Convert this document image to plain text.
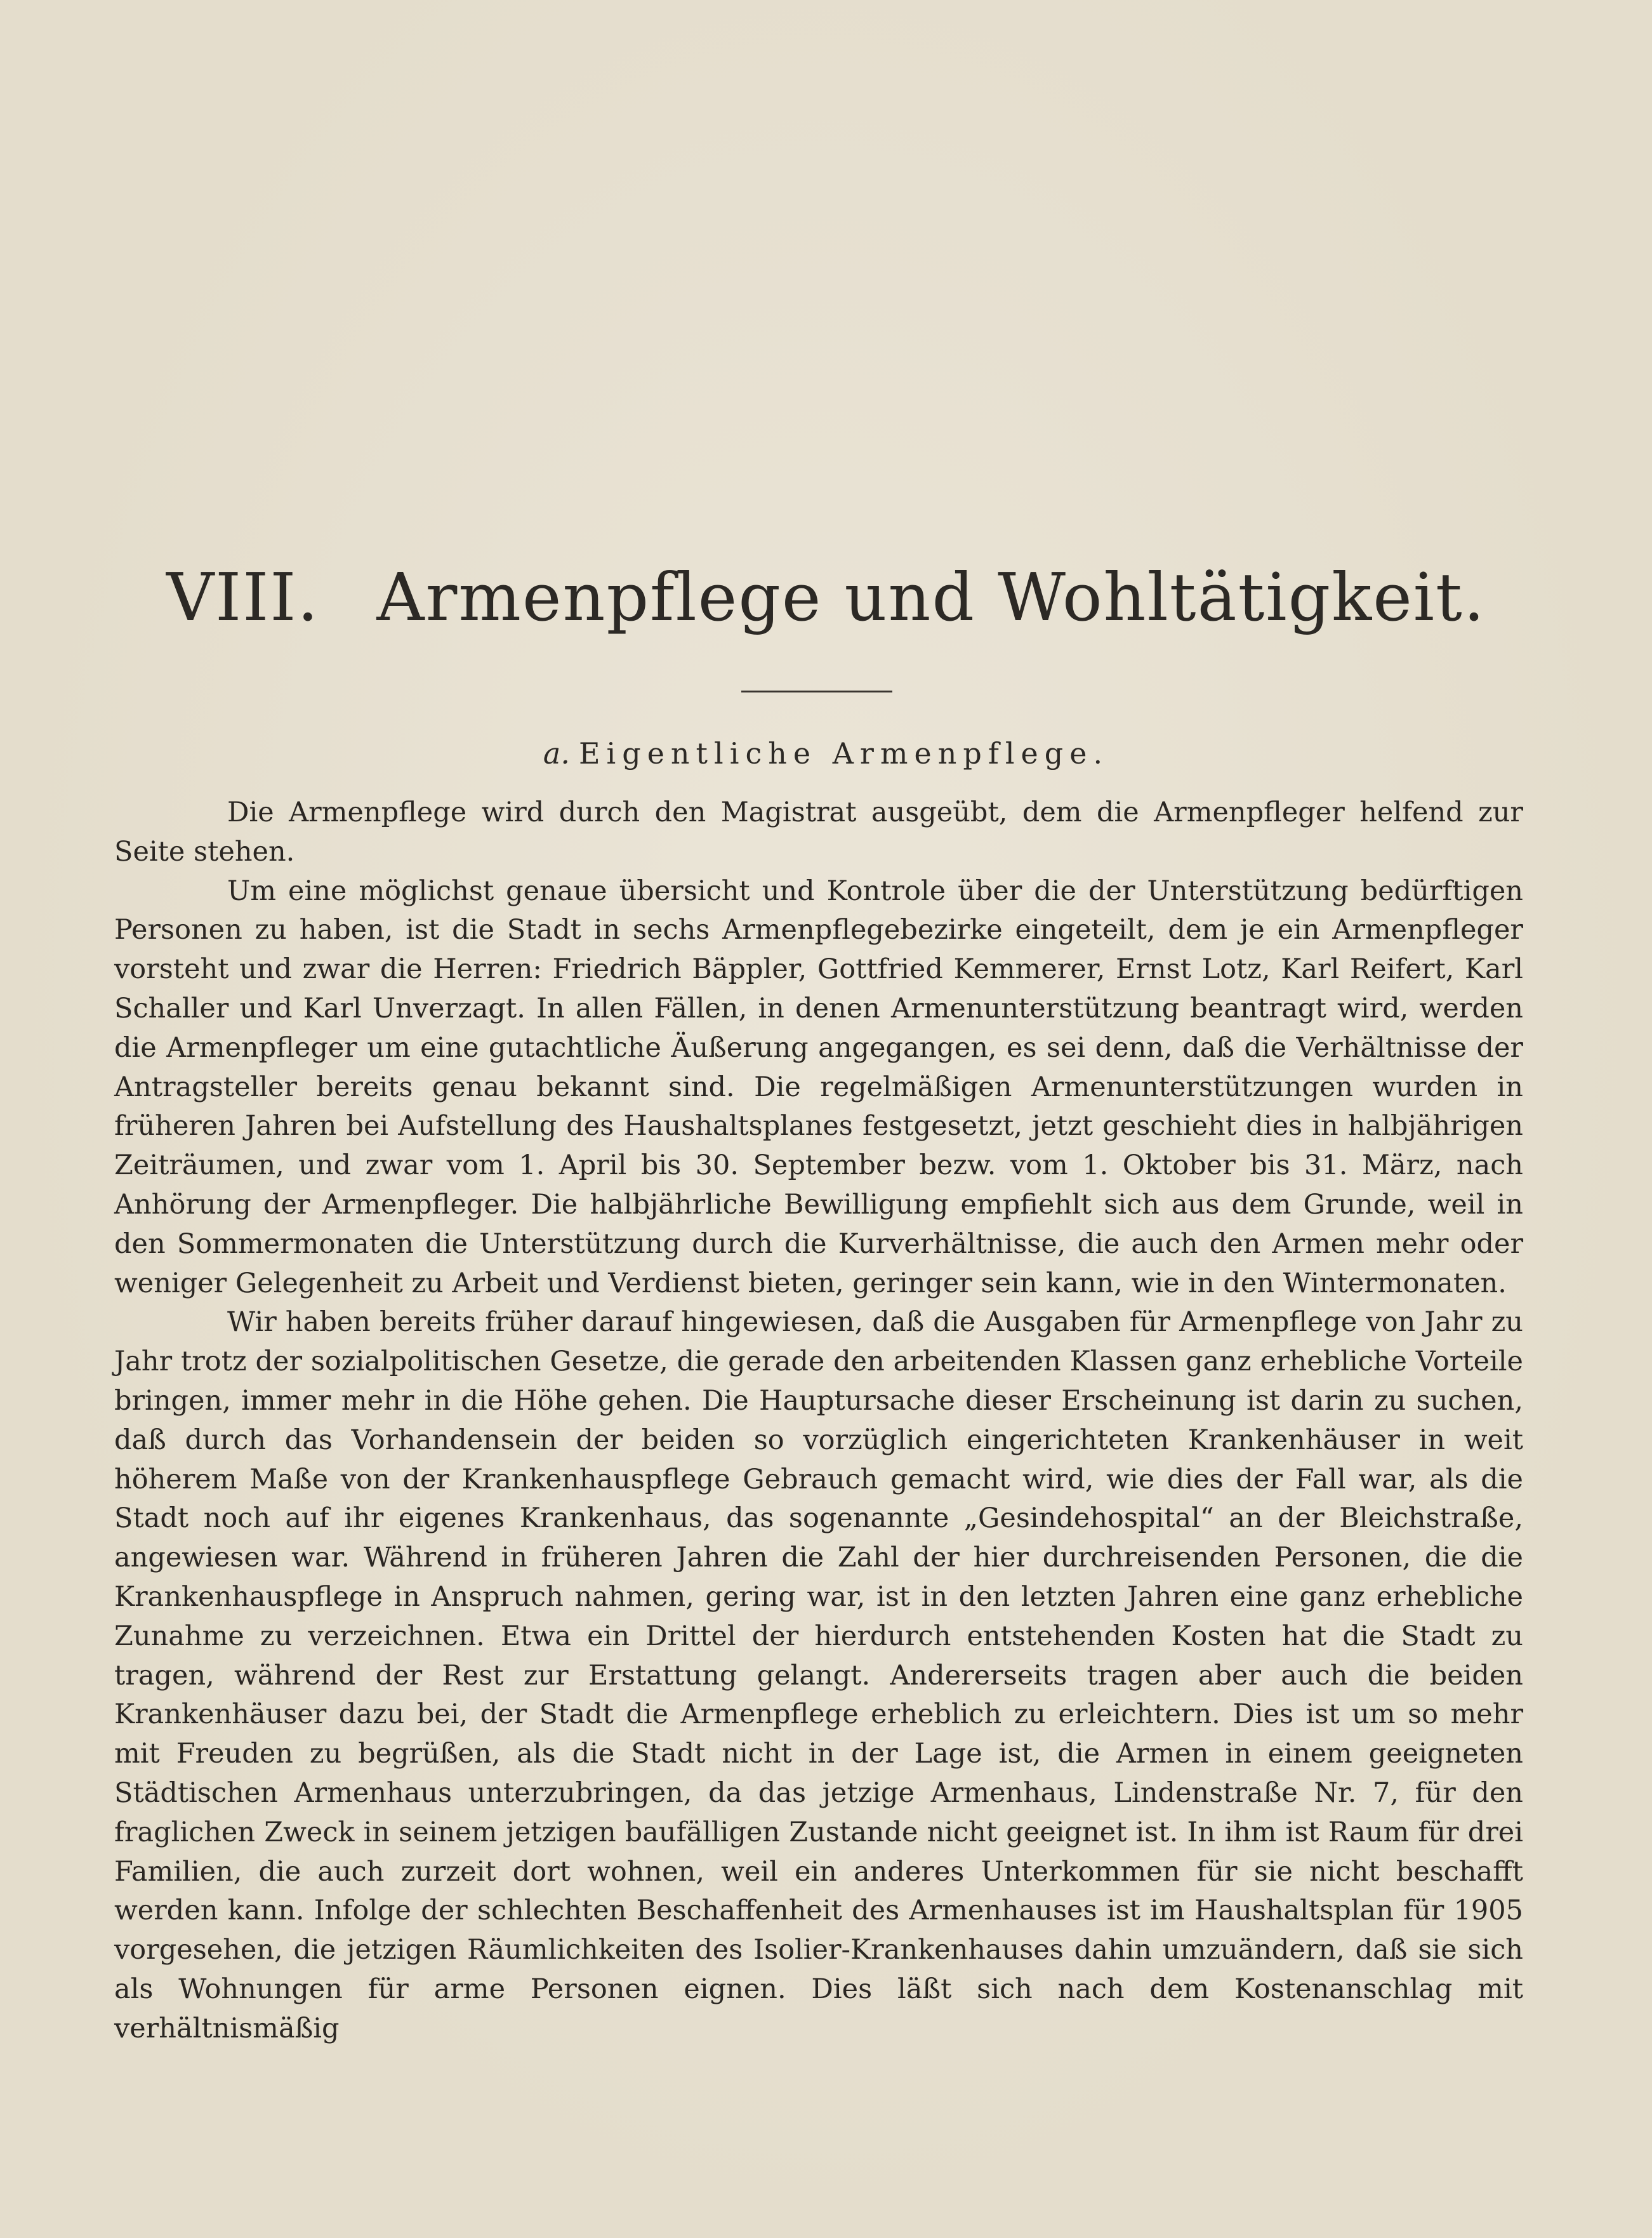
VIII. Armenpflege und Wohltätigkeit.
a. Eigentliche Armenpflege.

Die Armenpflege wird durch den Magistrat ausgeübt, dem die Armenpfleger helfend zur Seite stehen.

Um eine möglichst genaue übersicht und Kontrole über die der Unterstützung bedürftigen Personen zu haben, ist die Stadt in sechs Armenpflegebezirke eingeteilt, dem je ein Armenpfleger vorsteht und zwar die Herren: Friedrich Bäppler, Gottfried Kemmerer, Ernst Lotz, Karl Reifert, Karl Schaller und Karl Unverzagt. In allen Fällen, in denen Armenunterstützung beantragt wird, werden die Armenpfleger um eine gutachtliche Äußerung angegangen, es sei denn, daß die Verhältnisse der Antragsteller bereits genau bekannt sind. Die regelmäßigen Armenunterstützungen wurden in früheren Jahren bei Aufstellung des Haushaltsplanes festgesetzt, jetzt geschieht dies in halbjährigen Zeiträumen, und zwar vom 1. April bis 30. September bezw. vom 1. Oktober bis 31. März, nach Anhörung der Armenpfleger. Die halbjährliche Bewilligung empfiehlt sich aus dem Grunde, weil in den Sommermonaten die Unterstützung durch die Kurverhältnisse, die auch den Armen mehr oder weniger Gelegenheit zu Arbeit und Verdienst bieten, geringer sein kann, wie in den Wintermonaten.

Wir haben bereits früher darauf hingewiesen, daß die Ausgaben für Armenpflege von Jahr zu Jahr trotz der sozialpolitischen Gesetze, die gerade den arbeitenden Klassen ganz erhebliche Vorteile bringen, immer mehr in die Höhe gehen. Die Hauptursache dieser Erscheinung ist darin zu suchen, daß durch das Vorhandensein der beiden so vorzüglich eingerichteten Krankenhäuser in weit höherem Maße von der Krankenhauspflege Gebrauch gemacht wird, wie dies der Fall war, als die Stadt noch auf ihr eigenes Krankenhaus, das sogenannte „Gesindehospital“ an der Bleichstraße, angewiesen war. Während in früheren Jahren die Zahl der hier durchreisenden Personen, die die Krankenhauspflege in Anspruch nahmen, gering war, ist in den letzten Jahren eine ganz erhebliche Zunahme zu verzeichnen. Etwa ein Drittel der hierdurch entstehenden Kosten hat die Stadt zu tragen, während der Rest zur Erstattung gelangt. Andererseits tragen aber auch die beiden Krankenhäuser dazu bei, der Stadt die Armenpflege erheblich zu erleichtern. Dies ist um so mehr mit Freuden zu begrüßen, als die Stadt nicht in der Lage ist, die Armen in einem geeigneten Städtischen Armenhaus unterzubringen, da das jetzige Armenhaus, Lindenstraße Nr. 7, für den fraglichen Zweck in seinem jetzigen baufälligen Zustande nicht geeignet ist. In ihm ist Raum für drei Familien, die auch zurzeit dort wohnen, weil ein anderes Unterkommen für sie nicht beschafft werden kann. Infolge der schlechten Beschaffenheit des Armenhauses ist im Haushaltsplan für 1905 vorgesehen, die jetzigen Räumlichkeiten des Isolier-Krankenhauses dahin umzuändern, daß sie sich als Wohnungen für arme Personen eignen. Dies läßt sich nach dem Kostenanschlag mit verhältnismäßig
